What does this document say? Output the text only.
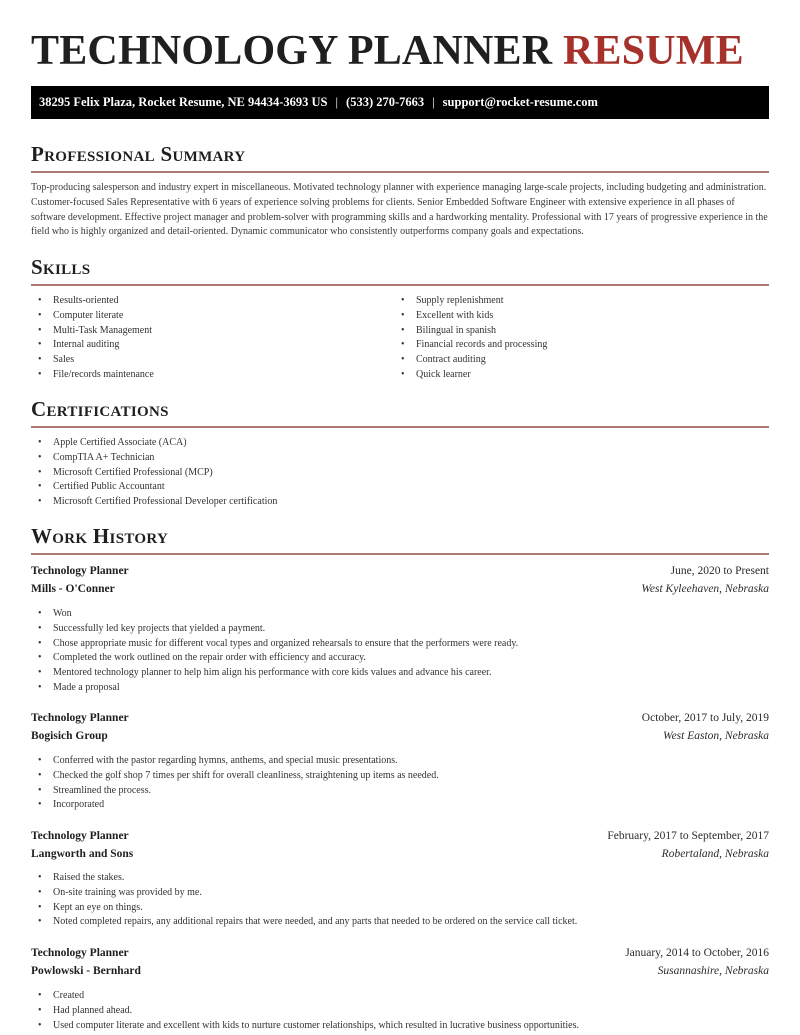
TECHNOLOGY PLANNER RESUME
38295 Felix Plaza, Rocket Resume, NE 94434-3693 US | (533) 270-7663 | support@rocket-resume.com
Professional Summary

Top-producing salesperson and industry expert in miscellaneous. Motivated technology planner with experience managing large-scale projects, including budgeting and administration. Customer-focused Sales Representative with 6 years of experience solving problems for clients. Senior Embedded Software Engineer with extensive experience in all phases of software development. Effective project manager and problem-solver with programming skills and a hardworking mentality. Professional with 17 years of progressive experience in the field who is highly organized and detail-oriented. Dynamic communicator who consistently outperforms company goals and expectations.

Skills
• Results-oriented
• Computer literate
• Multi-Task Management
• Internal auditing
• Sales
• File/records maintenance
• Supply replenishment
• Excellent with kids
• Bilingual in spanish
• Financial records and processing
• Contract auditing
• Quick learner
Certifications
• Apple Certified Associate (ACA)
• CompTIA A+ Technician
• Microsoft Certified Professional (MCP)
• Certified Public Accountant
• Microsoft Certified Professional Developer certification
Work History
Technology Planner	June, 2020 to Present
Mills - O'Conner	West Kyleehaven, Nebraska
• Won
• Successfully led key projects that yielded a payment.
• Chose appropriate music for different vocal types and organized rehearsals to ensure that the performers were ready.
• Completed the work outlined on the repair order with efficiency and accuracy.
• Mentored technology planner to help him align his performance with core kids values and advance his career.
• Made a proposal
Technology Planner	October, 2017 to July, 2019
Bogisich Group	West Easton, Nebraska
• Conferred with the pastor regarding hymns, anthems, and special music presentations.
• Checked the golf shop 7 times per shift for overall cleanliness, straightening up items as needed.
• Streamlined the process.
• Incorporated
Technology Planner	February, 2017 to September, 2017
Langworth and Sons	Robertaland, Nebraska
• Raised the stakes.
• On-site training was provided by me.
• Kept an eye on things.
• Noted completed repairs, any additional repairs that were needed, and any parts that needed to be ordered on the service call ticket.
Technology Planner	January, 2014 to October, 2016
Powlowski - Bernhard	Susannashire, Nebraska
• Created
• Had planned ahead.
• Used computer literate and excellent with kids to nurture customer relationships, which resulted in lucrative business opportunities.
